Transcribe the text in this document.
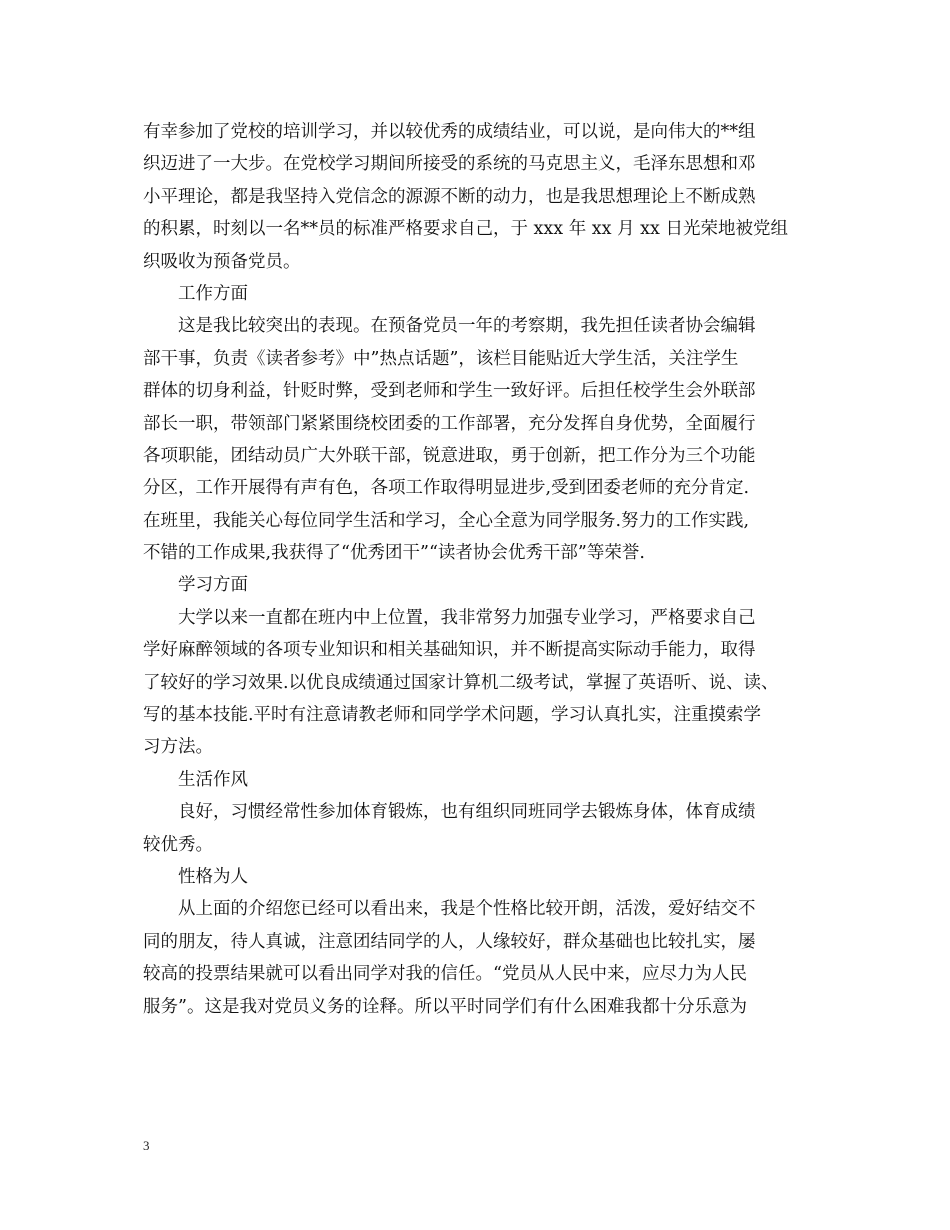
有幸参加了党校的培训学习，并以较优秀的成绩结业，可以说，是向伟大的**组
织迈进了一大步。在党校学习期间所接受的系统的马克思主义，毛泽东思想和邓
小平理论，都是我坚持入党信念的源源不断的动力，也是我思想理论上不断成熟
的积累，时刻以一名**员的标准严格要求自己，于 xxx 年 xx 月 xx 日光荣地被党组
织吸收为预备党员。
工作方面
这是我比较突出的表现。在预备党员一年的考察期，我先担任读者协会编辑
部干事，负责《读者参考》中”热点话题”，该栏目能贴近大学生活，关注学生
群体的切身利益，针贬时弊，受到老师和学生一致好评。后担任校学生会外联部
部长一职，带领部门紧紧围绕校团委的工作部署，充分发挥自身优势，全面履行
各项职能，团结动员广大外联干部，锐意进取，勇于创新，把工作分为三个功能
分区，工作开展得有声有色，各项工作取得明显进步,受到团委老师的充分肯定.
在班里，我能关心每位同学生活和学习，全心全意为同学服务.努力的工作实践,
不错的工作成果,我获得了“优秀团干”“读者协会优秀干部”等荣誉.
学习方面
大学以来一直都在班内中上位置，我非常努力加强专业学习，严格要求自己
学好麻醉领域的各项专业知识和相关基础知识，并不断提高实际动手能力，取得
了较好的学习效果.以优良成绩通过国家计算机二级考试，掌握了英语听、说、读、
写的基本技能.平时有注意请教老师和同学学术问题，学习认真扎实，注重摸索学
习方法。
生活作风
良好，习惯经常性参加体育锻炼，也有组织同班同学去锻炼身体，体育成绩
较优秀。
性格为人
从上面的介绍您已经可以看出来，我是个性格比较开朗，活泼，爱好结交不
同的朋友，待人真诚，注意团结同学的人，人缘较好，群众基础也比较扎实，屡
较高的投票结果就可以看出同学对我的信任。“党员从人民中来，应尽力为人民
服务”。这是我对党员义务的诠释。所以平时同学们有什么困难我都十分乐意为
3
